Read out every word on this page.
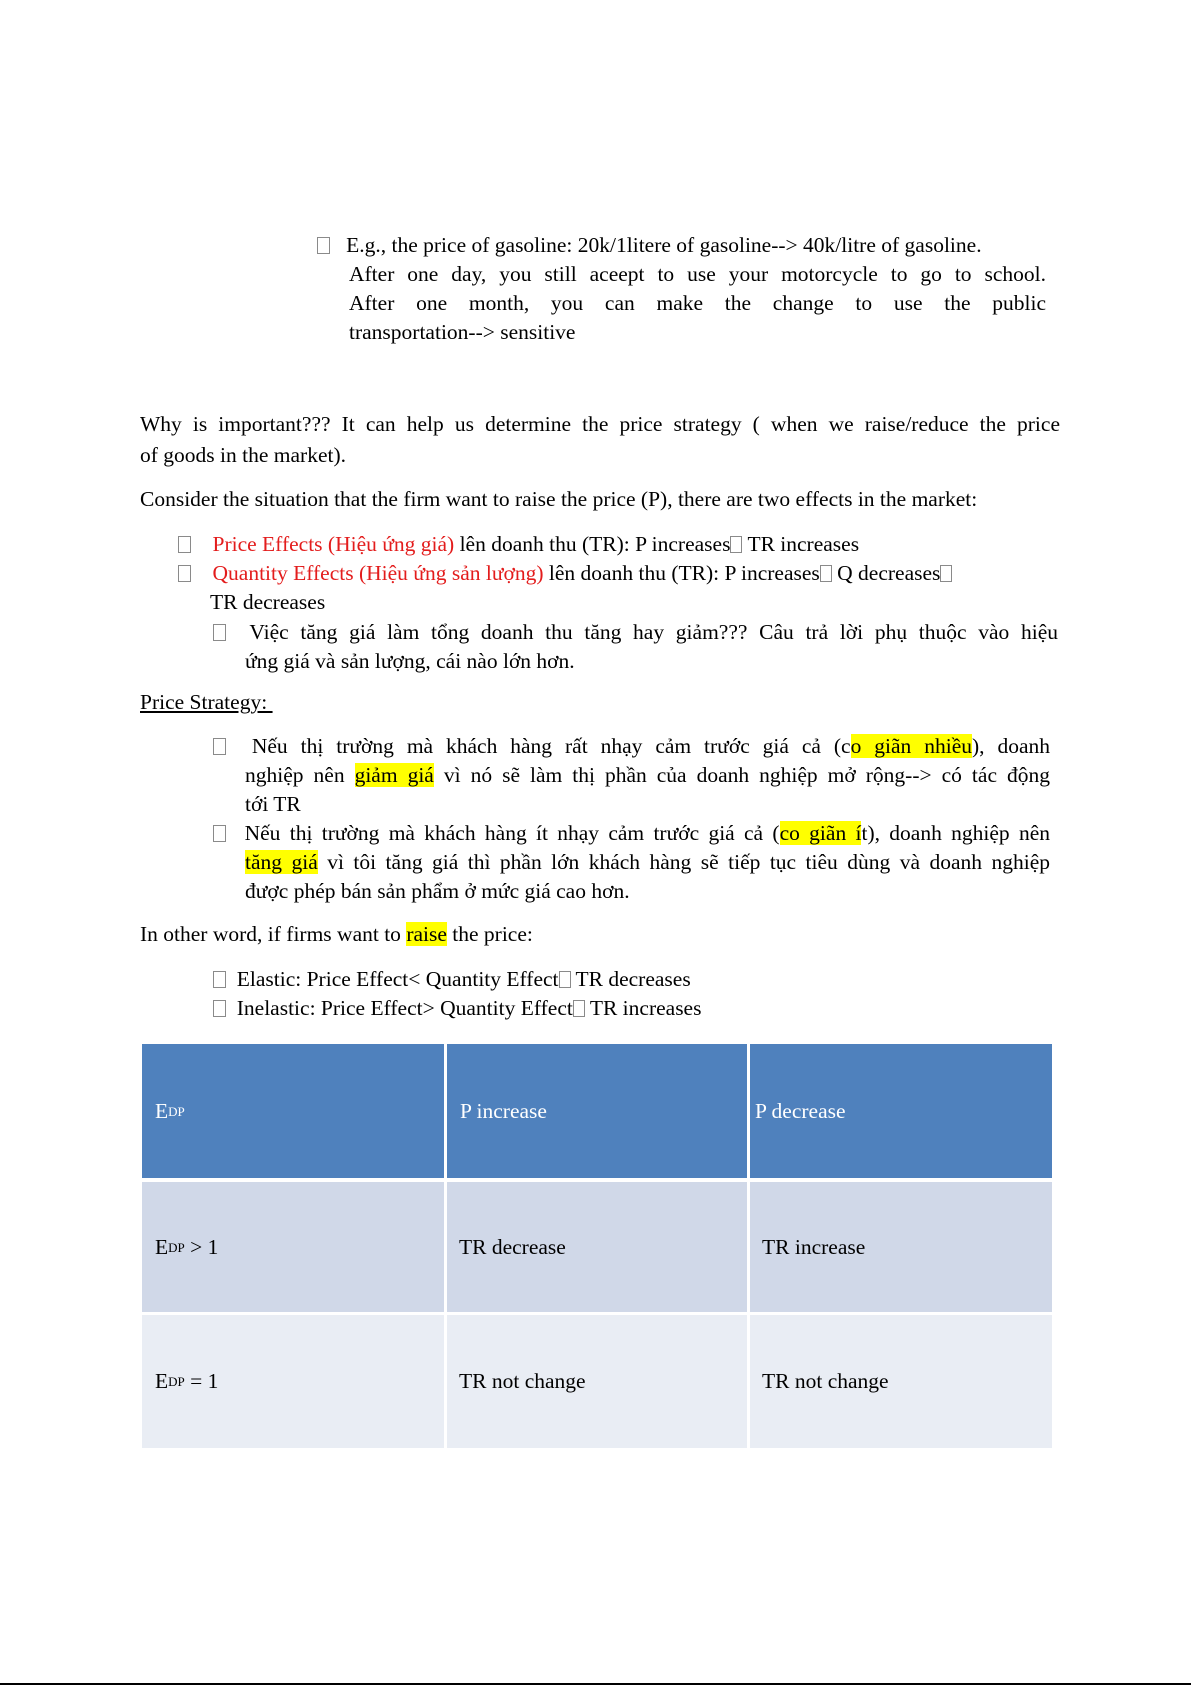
E.g., the price of gasoline: 20k/1litere of gasoline--> 40k/litre of gasoline.
After one day, you still aceept to use your motorcycle to go to school.
After one month, you can make the change to use the public
transportation--> sensitive
Why is important??? It can help us determine the price strategy ( when we raise/reduce the price
of goods in the market).
Consider the situation that the firm want to raise the price (P), there are two effects in the market:
Price Effects (Hiệu ứng giá) lên doanh thu (TR): P increases TR increases
Quantity Effects (Hiệu ứng sản lượng) lên doanh thu (TR): P increases Q decreases
TR decreases
Việc tăng giá làm tổng doanh thu tăng hay giảm??? Câu trả lời phụ thuộc vào hiệu
ứng giá và sản lượng, cái nào lớn hơn.
Price Strategy:
Nếu thị trường mà khách hàng rất nhạy cảm trước giá cả (co giãn nhiều), doanh
nghiệp nên giảm giá vì nó sẽ làm thị phần của doanh nghiệp mở rộng--> có tác động
tới TR
Nếu thị trường mà khách hàng ít nhạy cảm trước giá cả (co giãn ít), doanh nghiệp nên
tăng giá vì tôi tăng giá thì phần lớn khách hàng sẽ tiếp tục tiêu dùng và doanh nghiệp
được phép bán sản phẩm ở mức giá cao hơn.
In other word, if firms want to raise the price:
Elastic: Price Effect< Quantity Effect TR decreases
Inelastic: Price Effect> Quantity Effect TR increases
E DP	P increase	P decrease
E DP > 1	TR decrease	TR increase
E DP = 1	TR not change	TR not change
